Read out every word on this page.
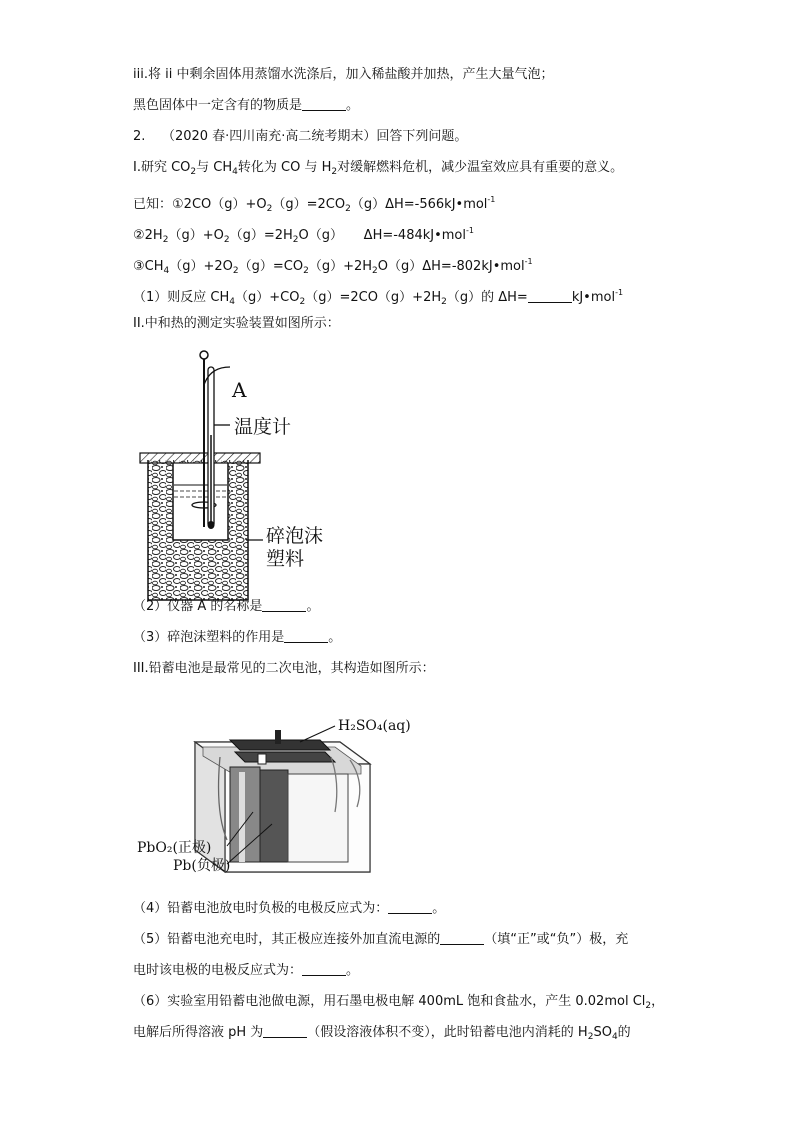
iii.将 ii 中剩余固体用蒸馏水洗涤后，加入稀盐酸并加热，产生大量气泡；
黑色固体中一定含有的物质是	。
2. （2020 春·四川南充·高二统考期末）回答下列问题。
I.研究 $CO_2$与 $CH_4$转化为 CO 与 $H_2$对缓解燃料危机，减少温室效应具有重要的意义。
已知：$①2CO(g)+O_2(g)=2CO_2(g)\Delta H=-566kJ•mol^{-1}$
$②2H_2(g)+O_2(g)=2H_2O(g)$ ΔH=-484kJ•mol$^{-1}$
$③CH_4(g)+2O_2(g)=CO_2(g)+2H_2O(g)\Delta H=-802kJ•mol^{-1}$
（1）则反应 $CH_4(g)+CO_2(g)=2CO(g)+2H_2(g)$的 ΔH=	kJ•mol$^{-1}$
II.中和热的测定实验装置如图所示：
A
温度计
碎泡沫
塑料
（2）仪器 A 的名称是	。
（3）碎泡沫塑料的作用是	。
III.铅蓄电池是最常见的二次电池，其构造如图所示：
H₂SO₄(aq)
PbO₂(正极)
Pb(负极)
（4）铅蓄电池放电时负极的电极反应式为：	。
（5）铅蓄电池充电时，其正极应连接外加直流电源的	（填“正”或“负”）极，充
电时该电极的电极反应式为：	。
（6）实验室用铅蓄电池做电源，用石墨电极电解 400mL 饱和食盐水，产生 0.02mol $Cl_2$，
电解后所得溶液 pH 为	（假设溶液体积不变），此时铅蓄电池内消耗的 $H_2SO_4$的
